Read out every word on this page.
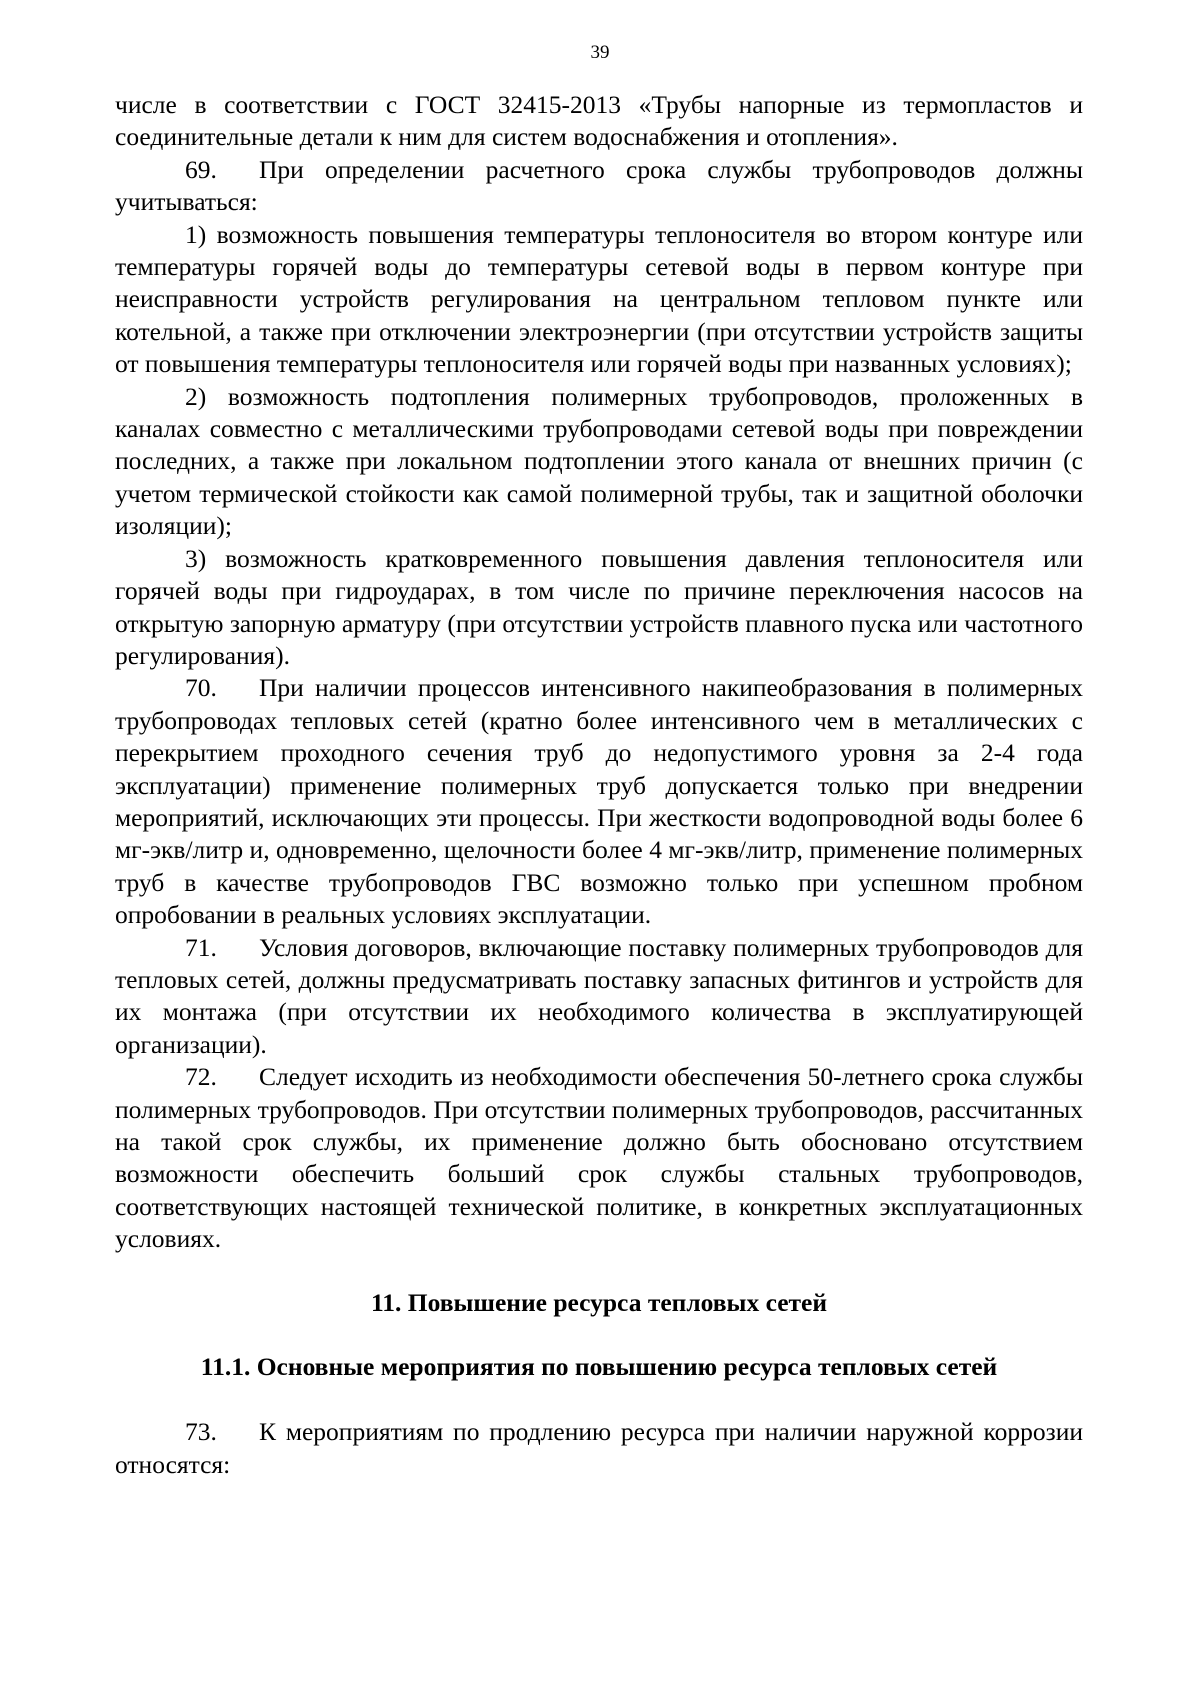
39

числе в соответствии с ГОСТ 32415-2013 «Трубы напорные из термопластов и соединительные детали к ним для систем водоснабжения и отопления».

69. При определении расчетного срока службы трубопроводов должны учитываться:

1) возможность повышения температуры теплоносителя во втором контуре или температуры горячей воды до температуры сетевой воды в первом контуре при неисправности устройств регулирования на центральном тепловом пункте или котельной, а также при отключении электроэнергии (при отсутствии устройств защиты от повышения температуры теплоносителя или горячей воды при названных условиях);

2) возможность подтопления полимерных трубопроводов, проложенных в каналах совместно с металлическими трубопроводами сетевой воды при повреждении последних, а также при локальном подтоплении этого канала от внешних причин (с учетом термической стойкости как самой полимерной трубы, так и защитной оболочки изоляции);

3) возможность кратковременного повышения давления теплоносителя или горячей воды при гидроударах, в том числе по причине переключения насосов на открытую запорную арматуру (при отсутствии устройств плавного пуска или частотного регулирования).

70. При наличии процессов интенсивного накипеобразования в полимерных трубопроводах тепловых сетей (кратно более интенсивного чем в металлических с перекрытием проходного сечения труб до недопустимого уровня за 2-4 года эксплуатации) применение полимерных труб допускается только при внедрении мероприятий, исключающих эти процессы. При жесткости водопроводной воды более 6 мг-экв/литр и, одновременно, щелочности более 4 мг-экв/литр, применение полимерных труб в качестве трубопроводов ГВС возможно только при успешном пробном опробовании в реальных условиях эксплуатации.

71. Условия договоров, включающие поставку полимерных трубопроводов для тепловых сетей, должны предусматривать поставку запасных фитингов и устройств для их монтажа (при отсутствии их необходимого количества в эксплуатирующей организации).

72. Следует исходить из необходимости обеспечения 50-летнего срока службы полимерных трубопроводов. При отсутствии полимерных трубопроводов, рассчитанных на такой срок службы, их применение должно быть обосновано отсутствием возможности обеспечить больший срок службы стальных трубопроводов, соответствующих настоящей технической политике, в конкретных эксплуатационных условиях.

11. Повышение ресурса тепловых сетей
11.1. Основные мероприятия по повышению ресурса тепловых сетей

73. К мероприятиям по продлению ресурса при наличии наружной коррозии относятся:
